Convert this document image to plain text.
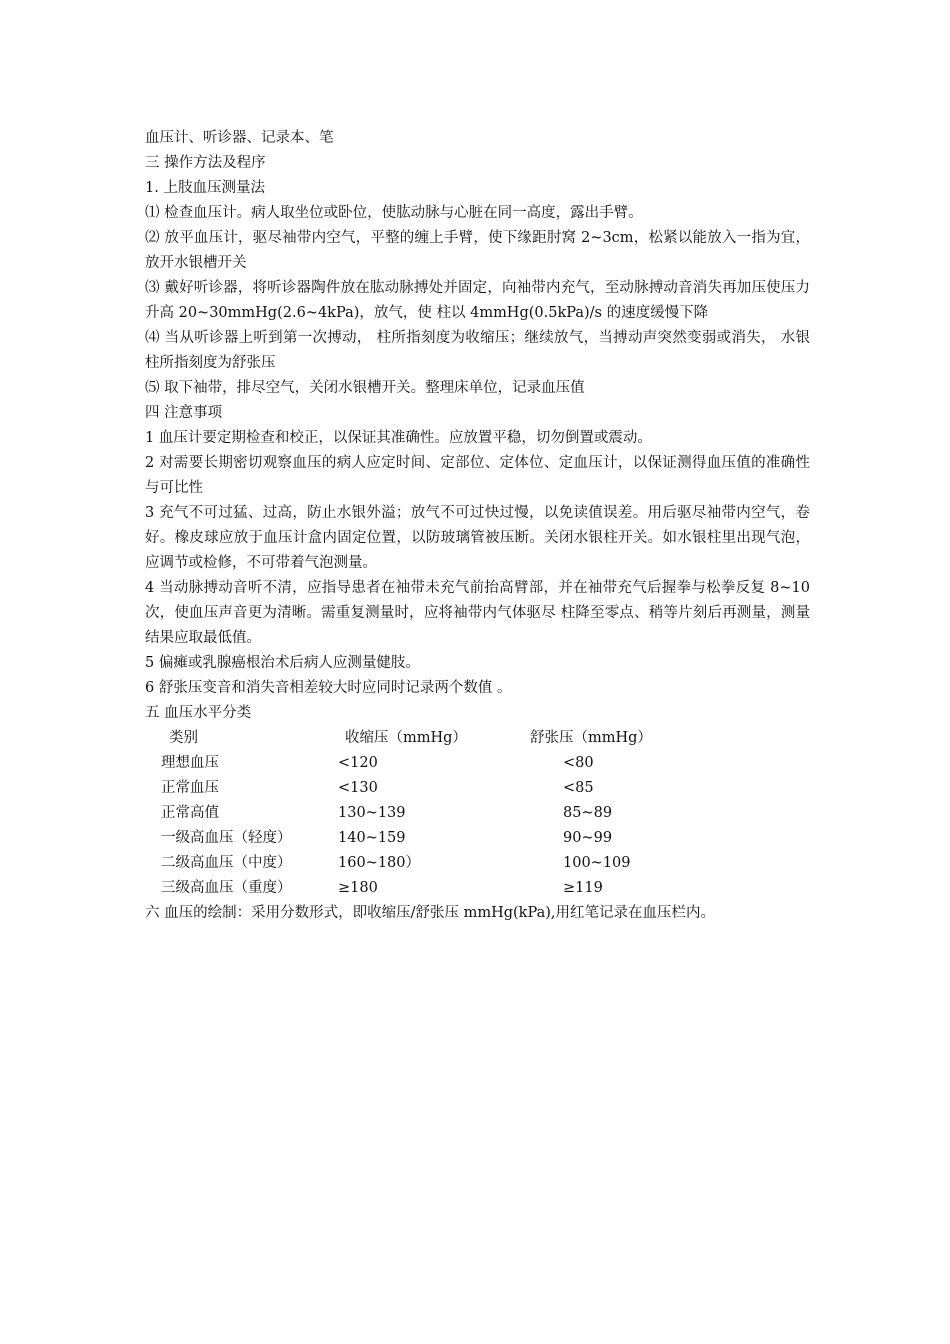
血压计、听诊器、记录本、笔

三 操作方法及程序

1. 上肢血压测量法

⑴ 检查血压计。病人取坐位或卧位，使肱动脉与心脏在同一高度，露出手臂。

⑵ 放平血压计，驱尽袖带内空气，平整的缠上手臂，使下缘距肘窝 2~3cm，松紧以能放入一指为宜，放开水银槽开关

⑶ 戴好听诊器，将听诊器陶件放在肱动脉搏处并固定，向袖带内充气，至动脉搏动音消失再加压使压力升高 20~30mmHg(2.6~4kPa)，放气，使 柱以 4mmHg(0.5kPa)/s 的速度缓慢下降

⑷ 当从听诊器上听到第一次搏动， 柱所指刻度为收缩压；继续放气，当搏动声突然变弱或消失， 水银柱所指刻度为舒张压

⑸ 取下袖带，排尽空气，关闭水银槽开关。整理床单位，记录血压值

四 注意事项

1 血压计要定期检查和校正，以保证其准确性。应放置平稳，切勿倒置或震动。

2 对需要长期密切观察血压的病人应定时间、定部位、定体位、定血压计，以保证测得血压值的准确性与可比性

3 充气不可过猛、过高，防止水银外溢；放气不可过快过慢，以免读值误差。用后驱尽袖带内空气，卷好。橡皮球应放于血压计盒内固定位置，以防玻璃管被压断。关闭水银柱开关。如水银柱里出现气泡，应调节或检修，不可带着气泡测量。

4 当动脉搏动音听不清，应指导患者在袖带未充气前抬高臂部，并在袖带充气后握拳与松拳反复 8~10 次，使血压声音更为清晰。需重复测量时，应将袖带内气体驱尽 柱降至零点、稍等片刻后再测量，测量结果应取最低值。

5 偏瘫或乳腺癌根治术后病人应测量健肢。

6 舒张压变音和消失音相差较大时应同时记录两个数值 。

五 血压水平分类

类别	收缩压（mmHg）	舒张压（mmHg）
理想血压	<120	<80
正常血压	<130	<85
正常高值	130~139	85~89
一级高血压（轻度）	140~159	90~99
二级高血压（中度）	160~180）	100~109
三级高血压（重度）	≥180	≥119

六 血压的绘制：采用分数形式，即收缩压/舒张压 mmHg(kPa),用红笔记录在血压栏内。
